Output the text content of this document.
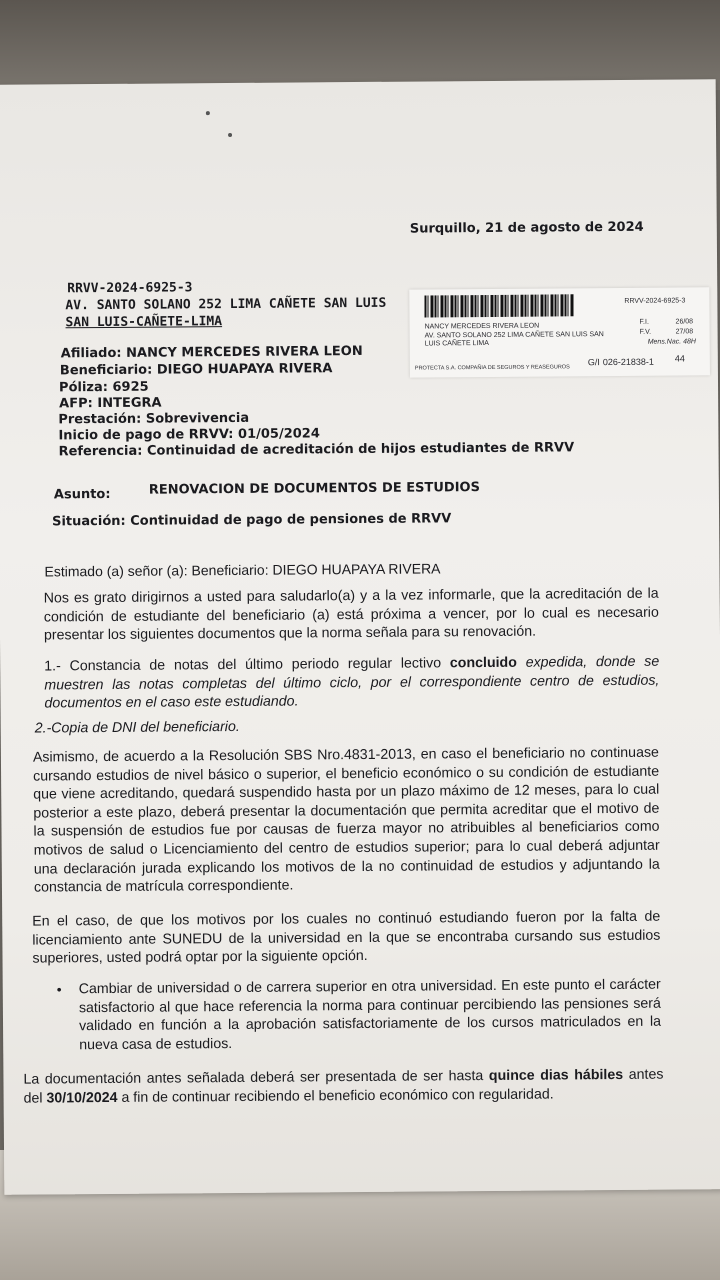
Surquillo, 21 de agosto de 2024
RRVV-2024-6925-3
AV. SANTO SOLANO 252 LIMA CAÑETE SAN LUIS
SAN LUIS-CAÑETE-LIMA
RRVV-2024-6925-3
NANCY MERCEDES RIVERA LEON
AV. SANTO SOLANO 252 LIMA CAÑETE SAN LUIS SAN
LUIS CAÑETE LIMA
F.I.	26/08
F.V.	27/08
Mens.Nac. 48H
PROTECTA S.A. COMPAÑIA DE SEGUROS Y REASEGUROS
G/I 026-21838-1 44
Afiliado: NANCY MERCEDES RIVERA LEON
Beneficiario: DIEGO HUAPAYA RIVERA
Póliza: 6925
AFP: INTEGRA
Prestación: Sobrevivencia
Inicio de pago de RRVV: 01/05/2024
Referencia: Continuidad de acreditación de hijos estudiantes de RRVV
Asunto:	RENOVACION DE DOCUMENTOS DE ESTUDIOS
Situación: Continuidad de pago de pensiones de RRVV
Estimado (a) señor (a): Beneficiario: DIEGO HUAPAYA RIVERA
Nos es grato dirigirnos a usted para saludarlo(a) y a la vez informarle, que la acreditación de la condición de estudiante del beneficiario (a) está próxima a vencer, por lo cual es necesario presentar los siguientes documentos que la norma señala para su renovación.
1.- Constancia de notas del último periodo regular lectivo concluido expedida, donde se muestren las notas completas del último ciclo, por el correspondiente centro de estudios, documentos en el caso este estudiando.
2.-Copia de DNI del beneficiario.
Asimismo, de acuerdo a la Resolución SBS Nro.4831-2013, en caso el beneficiario no continuase cursando estudios de nivel básico o superior, el beneficio económico o su condición de estudiante que viene acreditando, quedará suspendido hasta por un plazo máximo de 12 meses, para lo cual posterior a este plazo, deberá presentar la documentación que permita acreditar que el motivo de la suspensión de estudios fue por causas de fuerza mayor no atribuibles al beneficiarios como motivos de salud o Licenciamiento del centro de estudios superior; para lo cual deberá adjuntar una declaración jurada explicando los motivos de la no continuidad de estudios y adjuntando la constancia de matrícula correspondiente.
En el caso, de que los motivos por los cuales no continuó estudiando fueron por la falta de licenciamiento ante SUNEDU de la universidad en la que se encontraba cursando sus estudios superiores, usted podrá optar por la siguiente opción.
• Cambiar de universidad o de carrera superior en otra universidad. En este punto el carácter satisfactorio al que hace referencia la norma para continuar percibiendo las pensiones será validado en función a la aprobación satisfactoriamente de los cursos matriculados en la nueva casa de estudios.
La documentación antes señalada deberá ser presentada de ser hasta quince dias hábiles antes del 30/10/2024 a fin de continuar recibiendo el beneficio económico con regularidad.
